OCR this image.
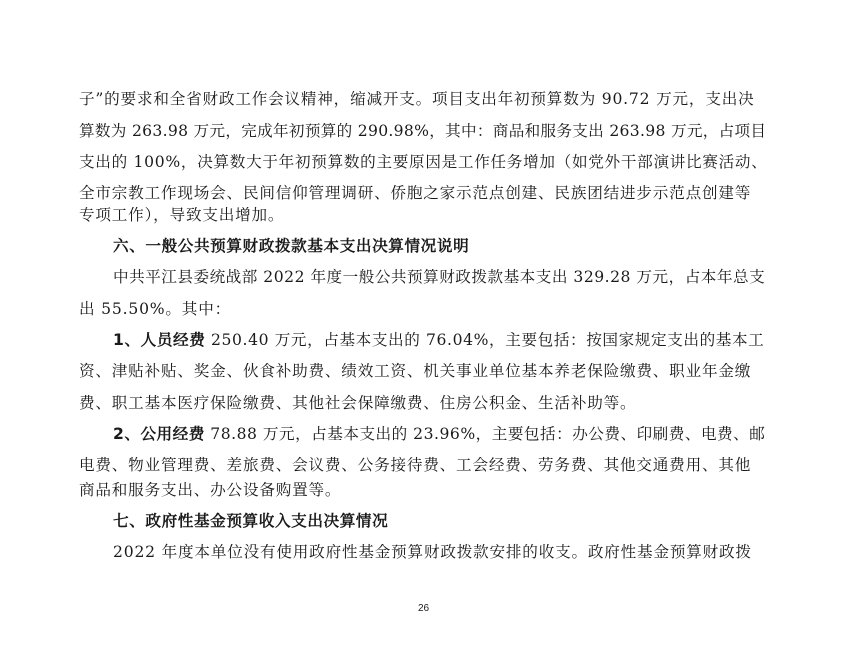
子”的要求和全省财政工作会议精神，缩减开支。项目支出年初预算数为 90.72 万元，支出决
算数为 263.98 万元，完成年初预算的 290.98%，其中：商品和服务支出 263.98 万元，占项目
支出的 100%，决算数大于年初预算数的主要原因是工作任务增加（如党外干部演讲比赛活动、
全市宗教工作现场会、民间信仰管理调研、侨胞之家示范点创建、民族团结进步示范点创建等
专项工作），导致支出增加。
六、一般公共预算财政拨款基本支出决算情况说明
中共平江县委统战部 2022 年度一般公共预算财政拨款基本支出 329.28 万元，占本年总支
出 55.50%。其中：
1、人员经费 250.40 万元，占基本支出的 76.04%，主要包括：按国家规定支出的基本工
资、津贴补贴、奖金、伙食补助费、绩效工资、机关事业单位基本养老保险缴费、职业年金缴
费、职工基本医疗保险缴费、其他社会保障缴费、住房公积金、生活补助等。
2、公用经费 78.88 万元，占基本支出的 23.96%，主要包括：办公费、印刷费、电费、邮
电费、物业管理费、差旅费、会议费、公务接待费、工会经费、劳务费、其他交通费用、其他
商品和服务支出、办公设备购置等。
七、政府性基金预算收入支出决算情况
2022 年度本单位没有使用政府性基金预算财政拨款安排的收支。政府性基金预算财政拨
26
